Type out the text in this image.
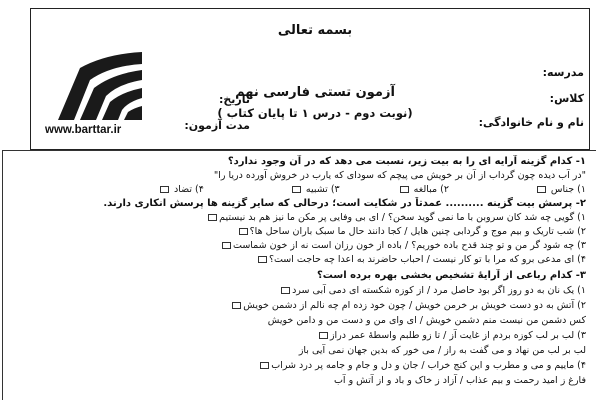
بسمه تعالی
آزمون تستی فارسی نهم
(نوبت دوم - درس ۱ تا پایان کتاب )
مدرسه:
کلاس:
نام و نام خانوادگی:
تاریخ:
مدت آزمون:
www.barttar.ir
۱- کدام گزینه آرایه ای را به بیت زیر، نسبت می دهد که در آن وجود ندارد؟
"در آب دیده چون گرداب از آن بر خویش می پیچم که سودای که یارب در خروش آورده دریا را"
۱) جناس
۲) مبالغه
۳) تشبیه
۴) تضاد
۲- پرسش بیت گزینه .......... عمدتاً در شکایت است؛ درحالی که سایر گزینه ها پرسش انکاری دارند.
۱) گویی چه شد کان سروبن با ما نمی گوید سخن؟ / ای بی وفایی پر مکن ما نیز هم بد نیستیم
۲) شب تاریک و بیم موج و گردابی چنین هایل / کجا دانند حال ما سبک باران ساحل ها؟
۳) چه شود گر من و تو چند قدح باده خوریم؟ / باده از خون رزان است نه از خون شماست
۴) ای مدعی برو که مرا با تو کار نیست / احباب حاضرند به اعدا چه حاجت است؟
۳- کدام رباعی از آرایۀ تشخیص بخشی بهره برده است؟
۱) یک نان به دو روز اگر بود حاصل مرد / از کوزه شکسته ای دمی آبی سرد
۲) آتش به دو دست خویش بر خرمن خویش / چون خود زده ام چه نالم از دشمن خویش
کس دشمن من نیست منم دشمن خویش / ای وای من و دست من و دامن خویش
۳) لب بر لب کوزه بردم از غایت آز / تا زو طلبم واسطۀ عمر دراز
لب بر لب من نهاد و می گفت به راز / می خور که بدین جهان نمی آیی باز
۴) ماییم و می و مطرب و این کنج خراب / جان و دل و جام و جامه پر درد شراب
فارغ ز امید رحمت و بیم عذاب / آزاد ز خاک و باد و از آتش و آب
